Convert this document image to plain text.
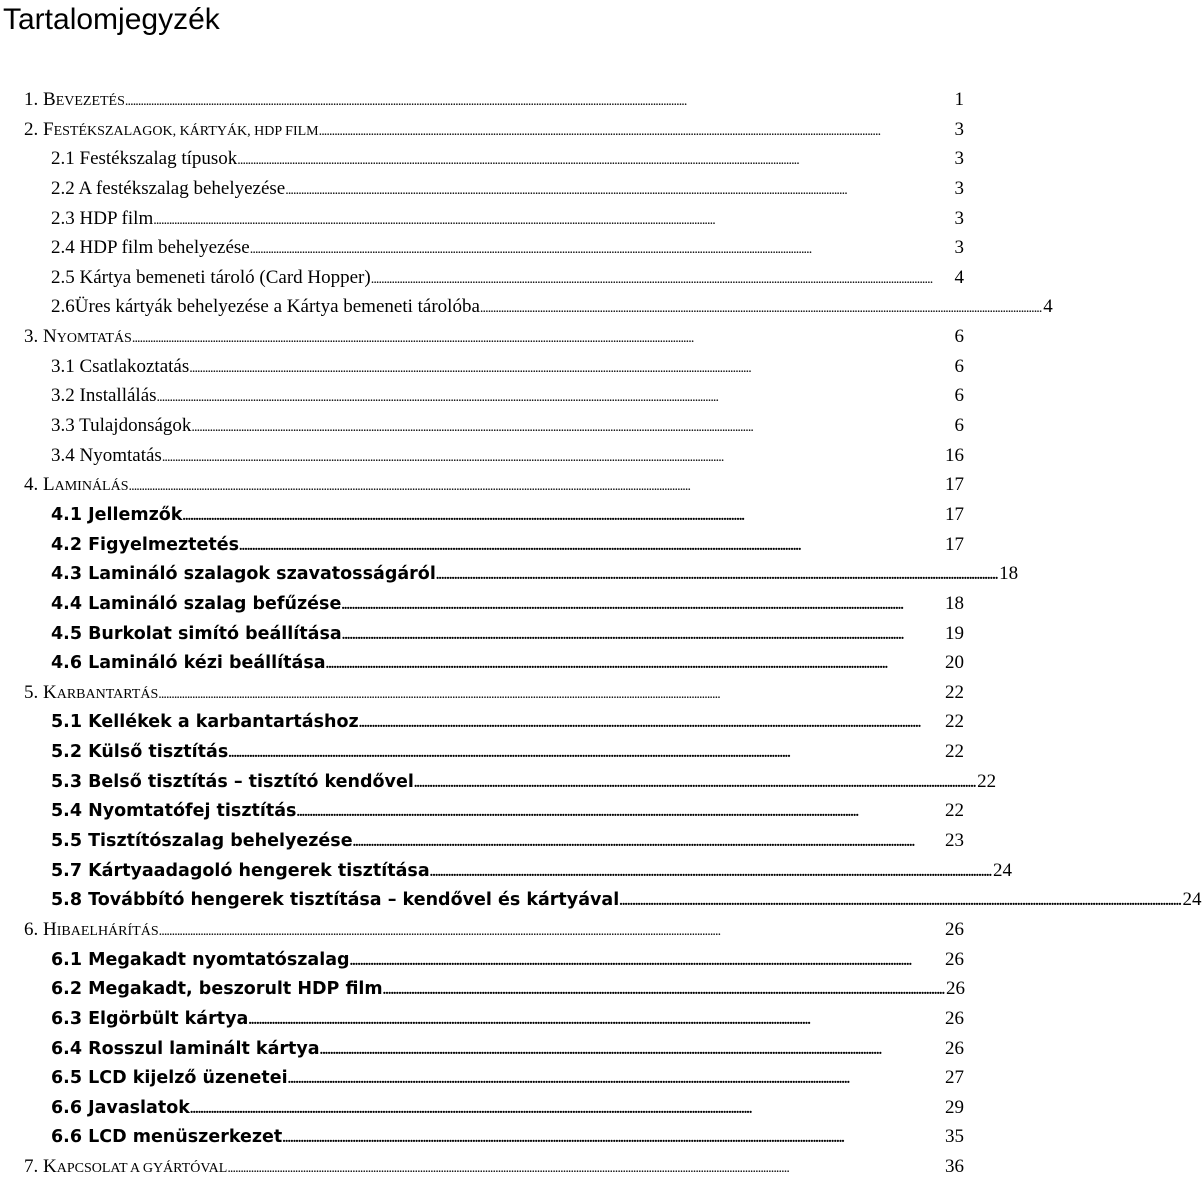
Tartalomjegyzék
1. BEVEZETÉS . . .	1
2. FESTÉKSZALAGOK, KÁRTYÁK, HDP FILM . . .	3
2.1 Festékszalag típusok . . .	3
2.2 A festékszalag behelyezése . . .	3
2.3 HDP film . . .	3
2.4 HDP film behelyezése . . .	3
2.5 Kártya bemeneti tároló (Card Hopper) . . .	4
2.6Üres kártyák behelyezése a Kártya bemeneti tárolóba . . .	4
3. NYOMTATÁS . . .	6
3.1 Csatlakoztatás . . .	6
3.2 Installálás . . .	6
3.3 Tulajdonságok . . .	6
3.4 Nyomtatás . . .	16
4. LAMINÁLÁS . . .	17
4.1 Jellemzők . . .	17
4.2 Figyelmeztetés . . .	17
4.3 Lamináló szalagok szavatosságáról . . .	18
4.4 Lamináló szalag befűzése . . .	18
4.5 Burkolat simító beállítása . . .	19
4.6 Lamináló kézi beállítása . . .	20
5. KARBANTARTÁS . . .	22
5.1 Kellékek a karbantartáshoz . . .	22
5.2 Külső tisztítás . . .	22
5.3 Belső tisztítás – tisztító kendővel . . .	22
5.4 Nyomtatófej tisztítás . . .	22
5.5 Tisztítószalag behelyezése . . .	23
5.7 Kártyaadagoló hengerek tisztítása . . .	24
5.8 Továbbító hengerek tisztítása – kendővel és kártyával . . .	24
6. HIBAELHÁRÍTÁS . . .	26
6.1 Megakadt nyomtatószalag . . .	26
6.2 Megakadt, beszorult HDP film . . .	26
6.3 Elgörbült kártya . . .	26
6.4 Rosszul laminált kártya . . .	26
6.5 LCD kijelző üzenetei . . .	27
6.6 Javaslatok . . .	29
6.6 LCD menüszerkezet . . .	35
7. KAPCSOLAT A GYÁRTÓVAL . . .	36
